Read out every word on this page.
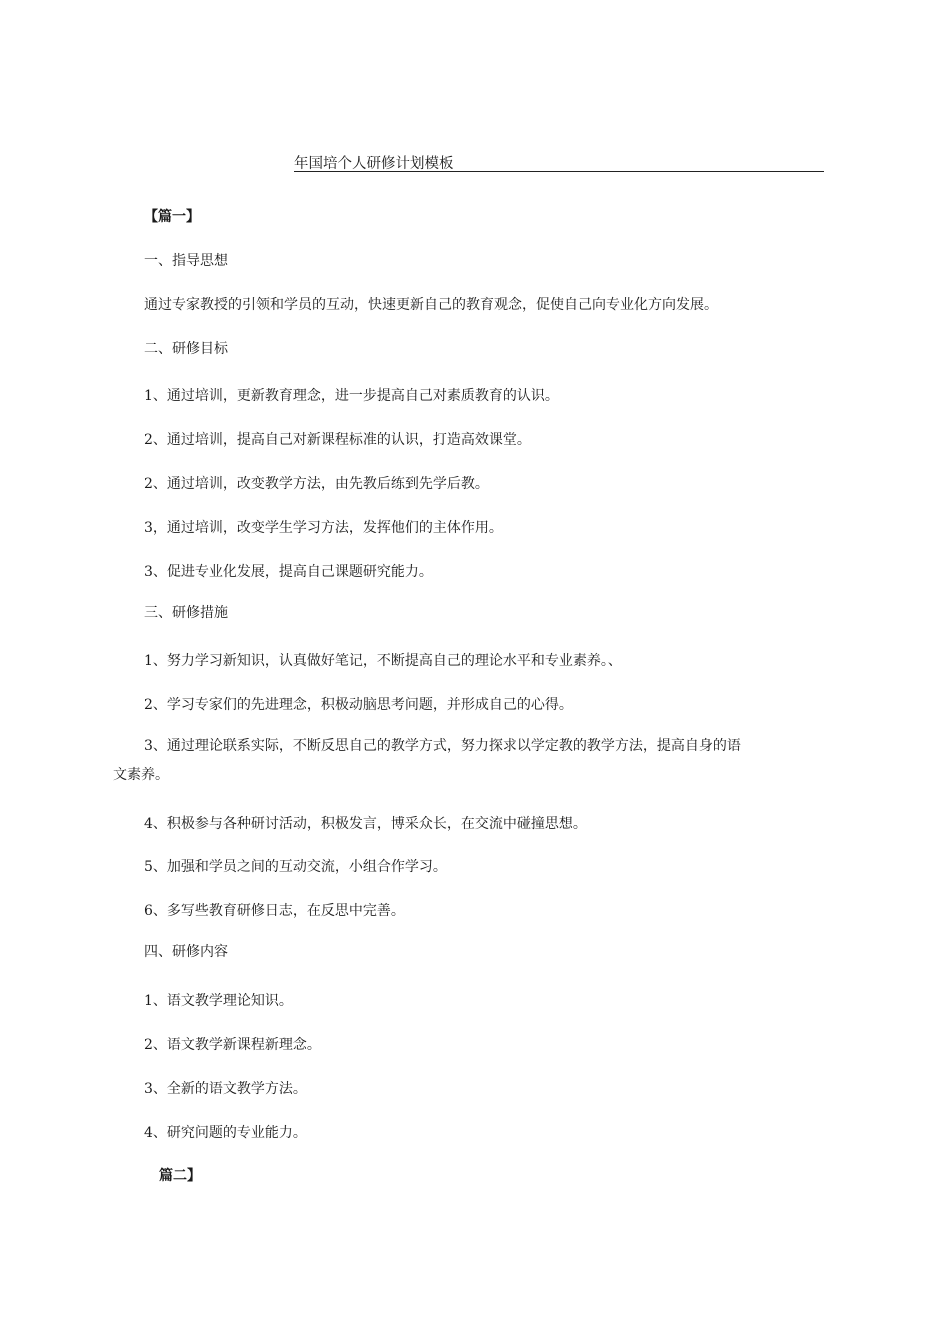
年国培个人研修计划模板
【篇一】
一、指导思想
通过专家教授的引领和学员的互动，快速更新自己的教育观念，促使自己向专业化方向发展。
二、研修目标
1、通过培训，更新教育理念，进一步提高自己对素质教育的认识。
2、通过培训，提高自己对新课程标准的认识，打造高效课堂。
2、通过培训，改变教学方法，由先教后练到先学后教。
3，通过培训，改变学生学习方法，发挥他们的主体作用。
3、促进专业化发展，提高自己课题研究能力。
三、研修措施
1、努力学习新知识，认真做好笔记，不断提高自己的理论水平和专业素养。、
2、学习专家们的先进理念，积极动脑思考问题，并形成自己的心得。
3、通过理论联系实际，不断反思自己的教学方式，努力探求以学定教的教学方法，提高自身的语
文素养。
4、积极参与各种研讨活动，积极发言，博采众长，在交流中碰撞思想。
5、加强和学员之间的互动交流，小组合作学习。
6、多写些教育研修日志，在反思中完善。
四、研修内容
1、语文教学理论知识。
2、语文教学新课程新理念。
3、全新的语文教学方法。
4、研究问题的专业能力。
篇二】
